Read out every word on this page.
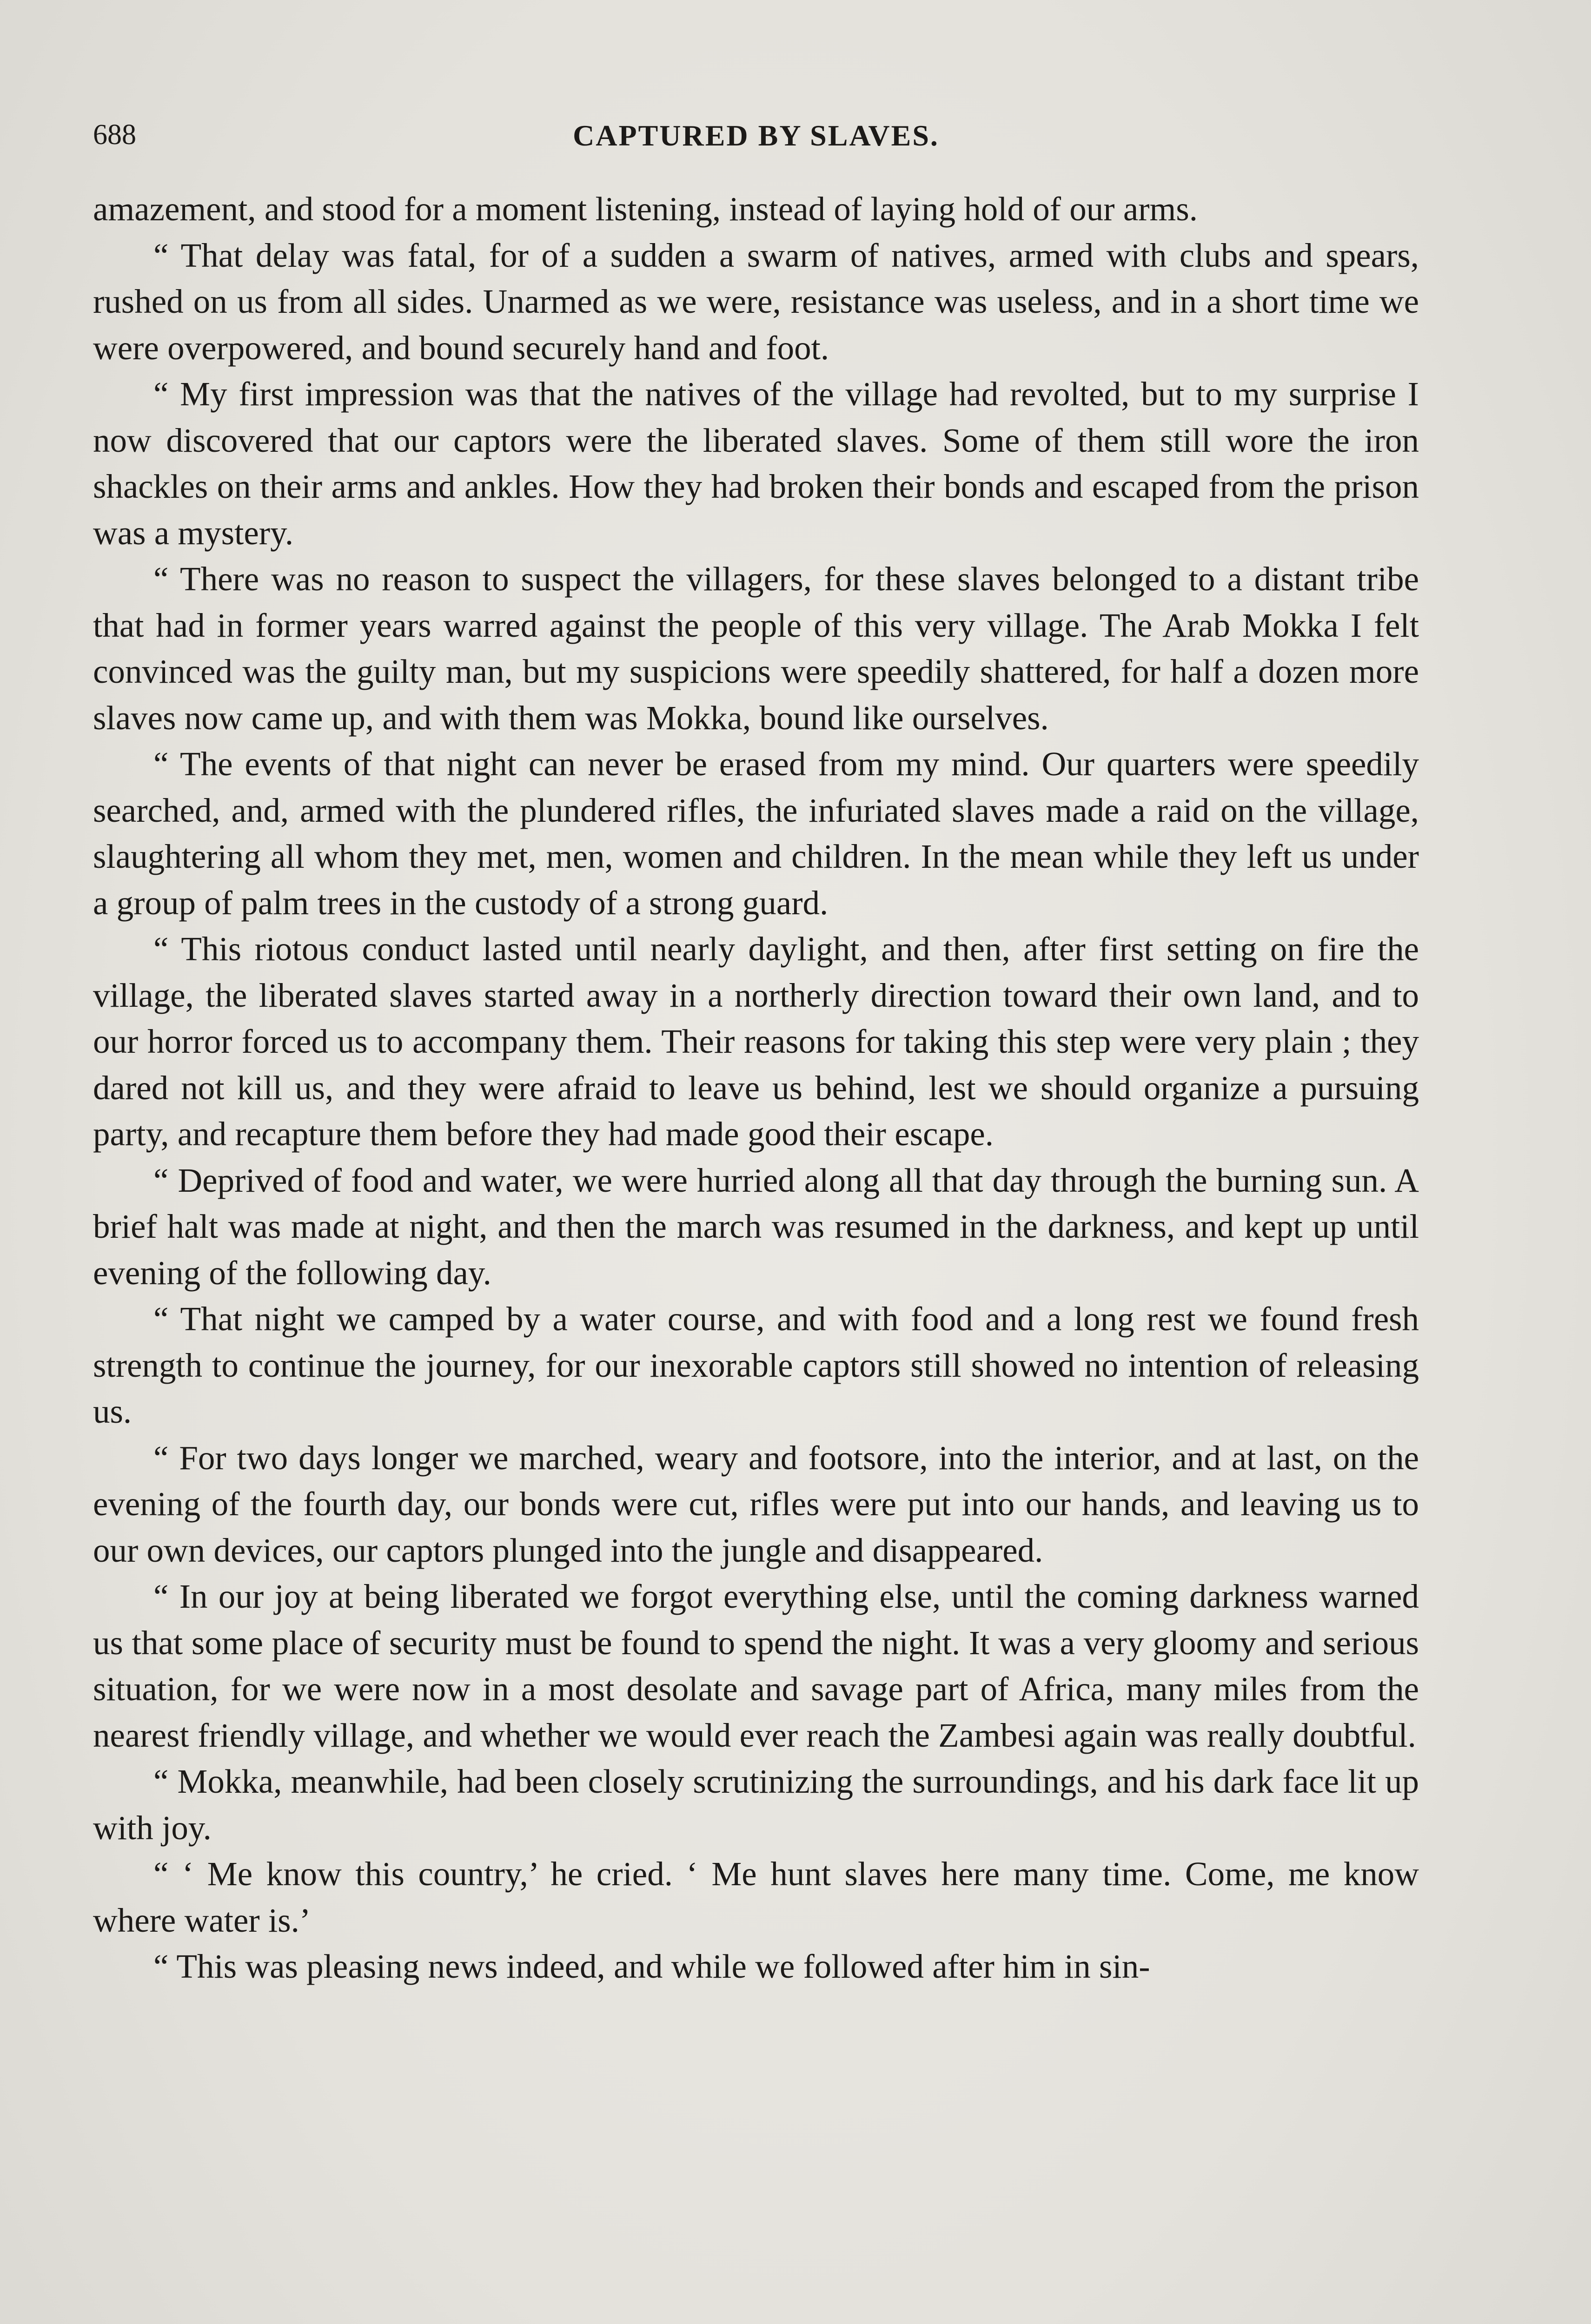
688	CAPTURED BY SLAVES.

amazement, and stood for a moment listening, instead of laying hold of our arms.

“ That delay was fatal, for of a sudden a swarm of natives, armed with clubs and spears, rushed on us from all sides. Unarmed as we were, resistance was useless, and in a short time we were overpowered, and bound securely hand and foot.

“ My first impression was that the natives of the village had revolted, but to my surprise I now discovered that our captors were the liberated slaves. Some of them still wore the iron shackles on their arms and ankles. How they had broken their bonds and escaped from the prison was a mystery.

“ There was no reason to suspect the villagers, for these slaves belonged to a distant tribe that had in former years warred against the people of this very village. The Arab Mokka I felt convinced was the guilty man, but my suspicions were speedily shattered, for half a dozen more slaves now came up, and with them was Mokka, bound like ourselves.

“ The events of that night can never be erased from my mind. Our quarters were speedily searched, and, armed with the plundered rifles, the infuriated slaves made a raid on the village, slaughtering all whom they met, men, women and children. In the mean while they left us under a group of palm trees in the custody of a strong guard.

“ This riotous conduct lasted until nearly daylight, and then, after first setting on fire the village, the liberated slaves started away in a northerly direction toward their own land, and to our horror forced us to accompany them. Their reasons for taking this step were very plain ; they dared not kill us, and they were afraid to leave us behind, lest we should organize a pursuing party, and recapture them before they had made good their escape.

“ Deprived of food and water, we were hurried along all that day through the burning sun. A brief halt was made at night, and then the march was resumed in the darkness, and kept up until evening of the following day.

“ That night we camped by a water course, and with food and a long rest we found fresh strength to continue the journey, for our inexorable captors still showed no intention of releasing us.

“ For two days longer we marched, weary and footsore, into the interior, and at last, on the evening of the fourth day, our bonds were cut, rifles were put into our hands, and leaving us to our own devices, our captors plunged into the jungle and disappeared.

“ In our joy at being liberated we forgot everything else, until the coming darkness warned us that some place of security must be found to spend the night. It was a very gloomy and serious situation, for we were now in a most desolate and savage part of Africa, many miles from the nearest friendly village, and whether we would ever reach the Zambesi again was really doubtful.

“ Mokka, meanwhile, had been closely scrutinizing the surroundings, and his dark face lit up with joy.

“ ‘ Me know this country,’ he cried. ‘ Me hunt slaves here many time. Come, me know where water is.’

“ This was pleasing news indeed, and while we followed after him in sin-
